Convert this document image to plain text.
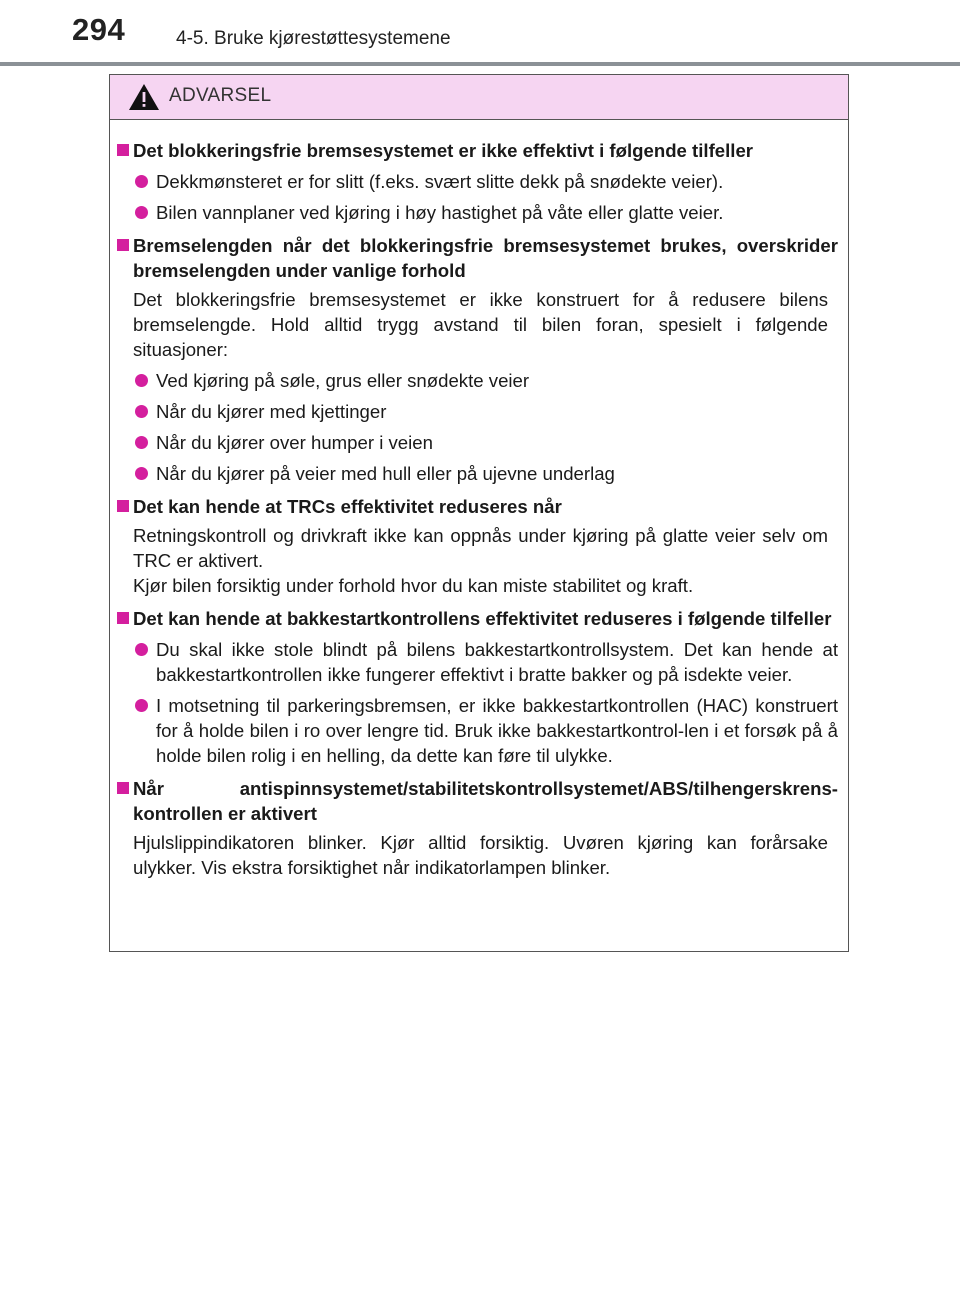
294	4-5. Bruke kjørestøttesystemene
ADVARSEL
Det blokkeringsfrie bremsesystemet er ikke effektivt i følgende tilfeller
Dekkmønsteret er for slitt (f.eks. svært slitte dekk på snødekte veier).
Bilen vannplaner ved kjøring i høy hastighet på våte eller glatte veier.
Bremselengden når det blokkeringsfrie bremsesystemet brukes, overskrider bremselengden under vanlige forhold
Det blokkeringsfrie bremsesystemet er ikke konstruert for å redusere bilens bremselengde. Hold alltid trygg avstand til bilen foran, spesielt i følgende situasjoner:
Ved kjøring på søle, grus eller snødekte veier
Når du kjører med kjettinger
Når du kjører over humper i veien
Når du kjører på veier med hull eller på ujevne underlag
Det kan hende at TRCs effektivitet reduseres når
Retningskontroll og drivkraft ikke kan oppnås under kjøring på glatte veier selv om TRC er aktivert.
Kjør bilen forsiktig under forhold hvor du kan miste stabilitet og kraft.
Det kan hende at bakkestartkontrollens effektivitet reduseres i følgende tilfeller
Du skal ikke stole blindt på bilens bakkestartkontrollsystem. Det kan hende at bakkestartkontrollen ikke fungerer effektivt i bratte bakker og på isdekte veier.
I motsetning til parkeringsbremsen, er ikke bakkestartkontrollen (HAC) konstruert for å holde bilen i ro over lengre tid. Bruk ikke bakkestartkontrol-len i et forsøk på å holde bilen rolig i en helling, da dette kan føre til ulykke.
Når antispinnsystemet/stabilitetskontrollsystemet/ABS/tilhengerskrens-kontrollen er aktivert
Hjulslippindikatoren blinker. Kjør alltid forsiktig. Uvøren kjøring kan forårsake ulykker. Vis ekstra forsiktighet når indikatorlampen blinker.
